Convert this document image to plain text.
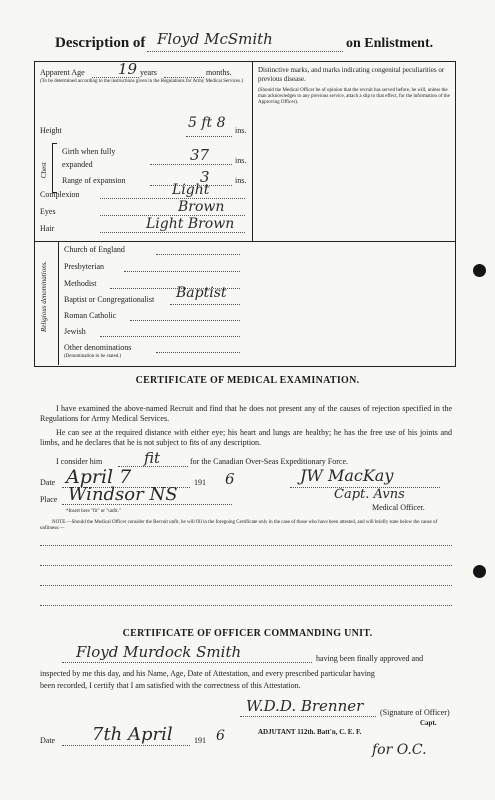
Description of Floyd McSmith	on Enlistment.
Apparent Age 19 years	months.
(To be determined according to the instructions given in the Regulations for Army Medical Services.)
Distinctive marks, and marks indicating congenital peculiarities or previous disease.
(Should the Medical Officer be of opinion that the recruit has served before, he will, unless the man acknowledges to any previous service, attach a slip to that effect, for the information of the Approving Officer).
Height	5 ft 8 ins.
Chest
Girth when fully expanded
37	ins.
Range of expansion	3	ins.
Complexion	Light
Eyes	Brown
Hair	Light Brown
Religious denominations.
Church of England
Presbyterian
Methodist
Baptist or Congregationalist
Roman Catholic
Jewish
Other denominations
(Denomination to be stated.)
Baptist
CERTIFICATE OF MEDICAL EXAMINATION.
I have examined the above-named Recruit and find that he does not present any of the causes of rejection specified in the Regulations for Army Medical Services.
He can see at the required distance with either eye; his heart and lungs are healthy; he has the free use of his joints and limbs, and he declares that he is not subject to fits of any description.
I consider him	fit	for the Canadian Over-Seas Expeditionary Force.
Date April 7	191 6
Place Windsor NS
JW MacKay
Capt. Avns
Medical Officer.
*Insert here "fit" or "unfit."
NOTE.—Should the Medical Officer consider the Recruit unfit, he will fill in the foregoing Certificate only in the case of those who have been attested, and will briefly state below the cause of unfitness:—
CERTIFICATE OF OFFICER COMMANDING UNIT.
Floyd Murdock Smith	having been finally approved and
inspected by me this day, and his Name, Age, Date of Attestation, and every prescribed particular having
been recorded, I certify that I am satisfied with the correctness of this Attestation.
W.D.D. Brenner (Signature of Officer)
Capt.
ADJUTANT 112th. Batt'n, C. E. F.
Date 7th April	191 6
for O.C.
